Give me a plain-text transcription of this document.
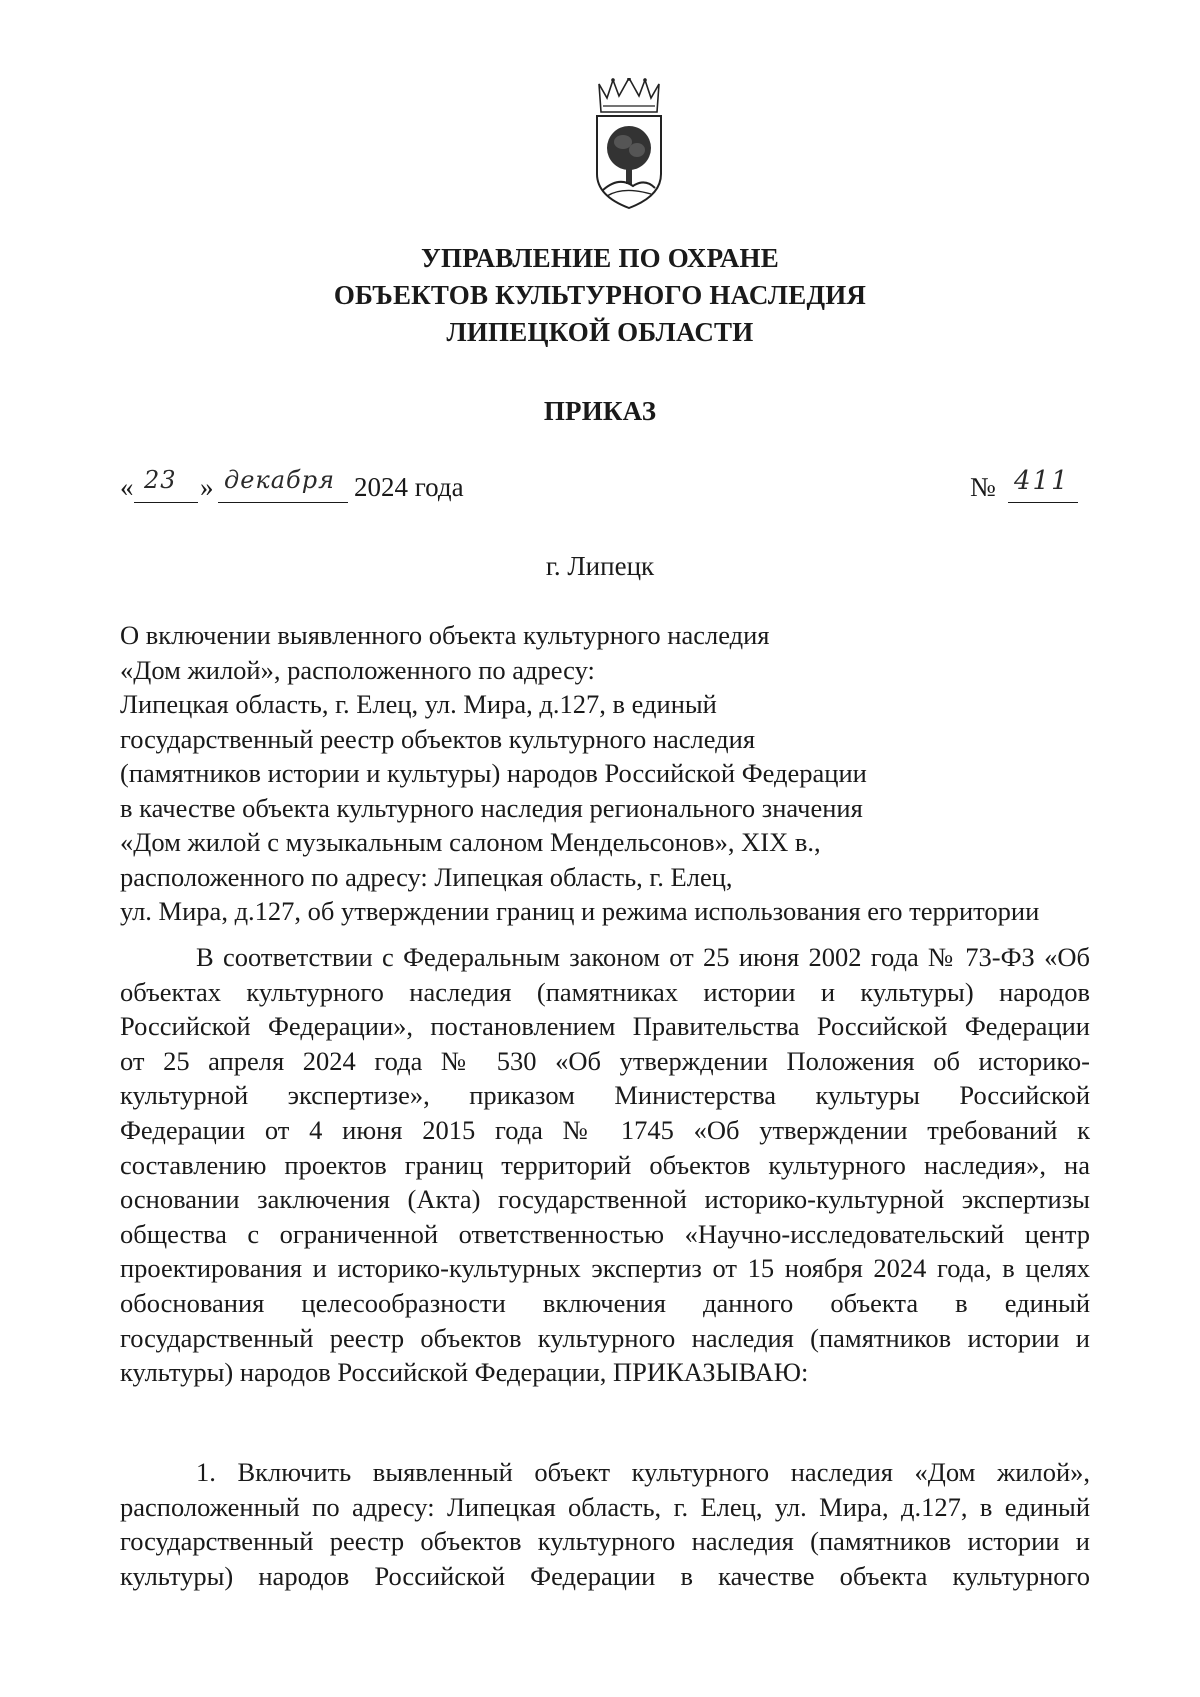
УПРАВЛЕНИЕ ПО ОХРАНЕ
ОБЪЕКТОВ КУЛЬТУРНОГО НАСЛЕДИЯ
ЛИПЕЦКОЙ ОБЛАСТИ
ПРИКАЗ
« 23 » декабря 2024 года	№ 411
г. Липецк
О включении выявленного объекта культурного наследия
«Дом жилой», расположенного по адресу:
Липецкая область, г. Елец, ул. Мира, д.127, в единый
государственный реестр объектов культурного наследия
(памятников истории и культуры) народов Российской Федерации
в качестве объекта культурного наследия регионального значения
«Дом жилой с музыкальным салоном Мендельсонов», XIX в.,
расположенного по адресу: Липецкая область, г. Елец,
ул. Мира, д.127, об утверждении границ и режима использования его территории
В соответствии с Федеральным законом от 25 июня 2002 года № 73-ФЗ «Об
объектах культурного наследия (памятниках истории и культуры) народов
Российской Федерации», постановлением Правительства Российской Федерации
от 25 апреля 2024 года № 530 «Об утверждении Положения об историко-
культурной экспертизе», приказом Министерства культуры Российской
Федерации от 4 июня 2015 года № 1745 «Об утверждении требований к
составлению проектов границ территорий объектов культурного наследия», на
основании заключения (Акта) государственной историко-культурной экспертизы
общества с ограниченной ответственностью «Научно-исследовательский центр
проектирования и историко-культурных экспертиз от 15 ноября 2024 года, в целях
обоснования целесообразности включения данного объекта в единый
государственный реестр объектов культурного наследия (памятников истории и
культуры) народов Российской Федерации, ПРИКАЗЫВАЮ:
1. Включить выявленный объект культурного наследия «Дом жилой»,
расположенный по адресу: Липецкая область, г. Елец, ул. Мира, д.127, в единый
государственный реестр объектов культурного наследия (памятников истории и
культуры) народов Российской Федерации в качестве объекта культурного
